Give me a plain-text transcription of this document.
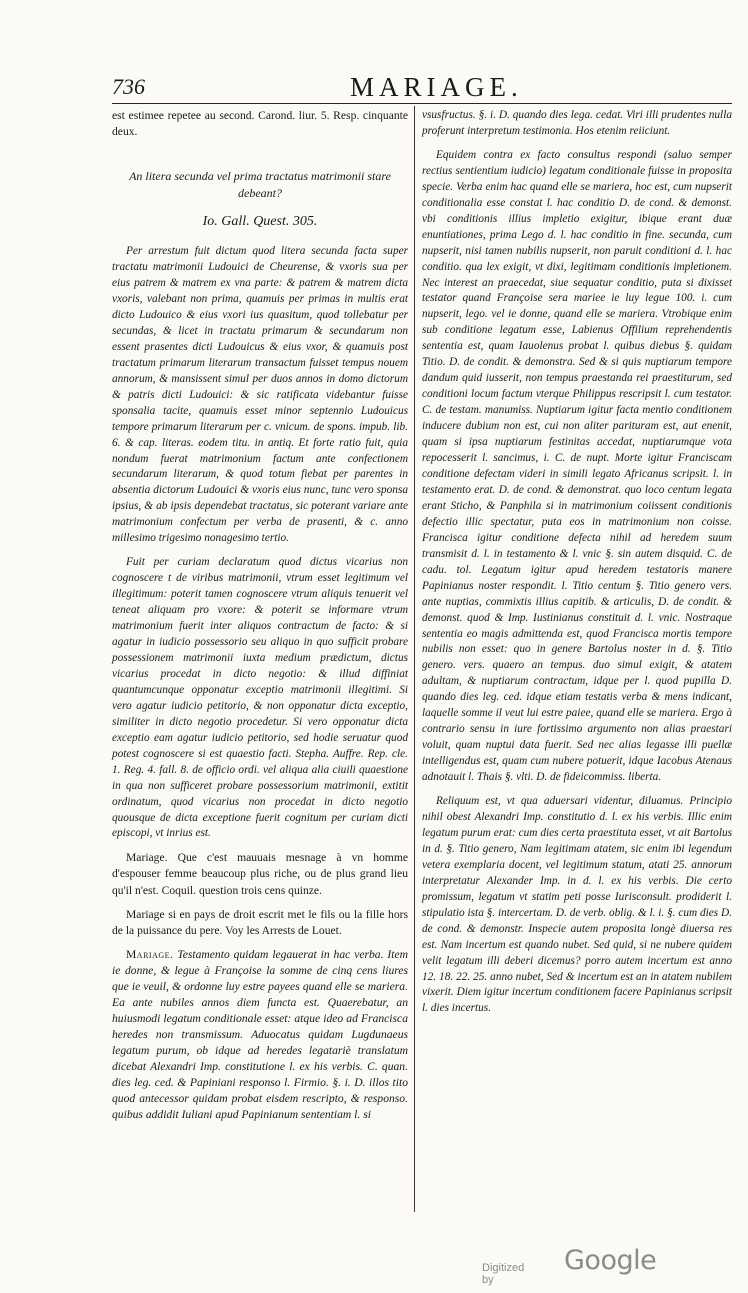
736	MARIAGE.

est estimee repetee au second. Carond. liur. 5. Resp. cinquante deux.

An litera secunda vel prima tractatus matrimonii stare debeant?

Io. Gall. Quest. 305.

Per arrestum fuit dictum quod litera secunda facta super tractatu matrimonii Ludouici de Cheurense, & vxoris sua per eius patrem & matrem ex vna parte: & patrem & matrem dicta vxoris, valebant non prima, quamuis per primas in multis erat dicto Ludouico & eius vxori ius quasitum, quod tollebatur per secundas, & licet in tractatu primarum & secundarum non essent prasentes dicti Ludouicus & eius vxor, & quamuis post tractatum primarum literarum transactum fuisset tempus nouem annorum, & mansissent simul per duos annos in domo dictorum & patris dicti Ludouici: & sic ratificata videbantur fuisse sponsalia tacite, quamuis esset minor septennio Ludouicus tempore primarum literarum per c. vnicum. de spons. impub. lib. 6. & cap. literas. eodem titu. in antiq. Et forte ratio fuit, quia nondum fuerat matrimonium factum ante confectionem secundarum literarum, & quod totum fiebat per parentes in absentia dictorum Ludouici & vxoris eius nunc, tunc vero sponsa ipsius, & ab ipsis dependebat tractatus, sic poterant variare ante matrimonium confectum per verba de prasenti, & c. anno millesimo trigesimo nonagesimo tertio.

Fuit per curiam declaratum quod dictus vicarius non cognoscere t de viribus matrimonii, vtrum esset legitimum vel illegitimum: poterit tamen cognoscere vtrum aliquis tenuerit vel teneat aliquam pro vxore: & poterit se informare vtrum matrimonium fuerit inter aliquos contractum de facto: & si agatur in iudicio possessorio seu aliquo in quo sufficit probare possessionem matrimonii iuxta medium prædictum, dictus vicarius procedat in dicto negotio: & illud diffiniat quantumcunque opponatur exceptio matrimonii illegitimi. Si vero agatur iudicio petitorio, & non opponatur dicta exceptio, similiter in dicto negotio procedetur. Si vero opponatur dicta exceptio eam agatur iudicio petitorio, sed hodie seruatur quod potest cognoscere si est quaestio facti. Stepha. Auffre. Rep. cle. 1. Reg. 4. fall. 8. de officio ordi. vel aliqua alia ciuili quaestione in qua non sufficeret probare possessorium matrimonii, extitit ordinatum, quod vicarius non procedat in dicto negotio quousque de dicta exceptione fuerit cognitum per curiam dicti episcopi, vt inrius est.

Mariage. Que c'est mauuais mesnage à vn homme d'espouser femme beaucoup plus riche, ou de plus grand lieu qu'il n'est. Coquil. question trois cens quinze.

Mariage si en pays de droit escrit met le fils ou la fille hors de la puissance du pere. Voy les Arrests de Louet.

Mariage. Testamento quidam legauerat in hac verba. Item ie donne, & legue à Françoise la somme de cinq cens liures que ie veuil, & ordonne luy estre payees quand elle se mariera. Ea ante nubiles annos diem functa est. Quaerebatur, an huiusmodi legatum conditionale esset: atque ideo ad Francisca heredes non transmissum. Aduocatus quidam Lugdunaeus legatum purum, ob idque ad heredes legatariè translatum dicebat Alexandri Imp. constitutione l. ex his verbis. C. quan. dies leg. ced. & Papiniani responso l. Firmio. §. i. D. illos tito quod antecessor quidam probat eisdem rescripto, & responso. quibus addidit Iuliani apud Papinianum sententiam l. si

vsusfructus. §. i. D. quando dies lega. cedat. Viri illi prudentes nulla proferunt interpretum testimonia. Hos etenim reiiciunt.

Equidem contra ex facto consultus respondi (saluo semper rectius sentientium iudicio) legatum conditionale fuisse in proposita specie. Verba enim hac quand elle se mariera, hoc est, cum nupserit conditionalia esse constat l. hac conditio D. de cond. & demonst. vbi conditionis illius impletio exigitur, ibique erant duæ enuntiationes, prima Lego d. l. hac conditio in fine. secunda, cum nupserit, nisi tamen nubilis nupserit, non paruit conditioni d. l. hac conditio. qua lex exigit, vt dixi, legitimam conditionis impletionem. Nec interest an praecedat, siue sequatur conditio, puta si dixisset testator quand Françoise sera mariee ie luy legue 100. i. cum nupserit, lego. vel ie donne, quand elle se mariera. Vtrobique enim sub conditione legatum esse, Labienus Offilium reprehendentis sententia est, quam Iauolenus probat l. quibus diebus §. quidam Titio. D. de condit. & demonstra. Sed & si quis nuptiarum tempore dandum quid iusserit, non tempus praestanda rei praestiturum, sed conditioni locum factum vterque Philippus rescripsit l. cum testator. C. de testam. manumiss. Nuptiarum igitur facta mentio conditionem inducere dubium non est, cui non aliter parituram est, aut enenit, quam si ipsa nuptiarum festinitas accedat, nuptiarumque vota repocesserit l. sancimus, i. C. de nupt. Morte igitur Franciscam conditione defectam videri in simili legato Africanus scripsit. l. in testamento erat. D. de cond. & demonstrat. quo loco centum legata erant Sticho, & Panphila si in matrimonium coiissent conditionis defectio illic spectatur, puta eos in matrimonium non coisse. Francisca igitur conditione defecta nihil ad heredem suum transmisit d. l. in testamento & l. vnic §. sin autem disquid. C. de cadu. tol. Legatum igitur apud heredem testatoris manere Papinianus noster respondit. l. Titio centum §. Titio genero vers. ante nuptias, commixtis illius capitib. & articulis, D. de condit. & demonst. quod & Imp. Iustinianus constituit d. l. vnic. Nostraque sententia eo magis admittenda est, quod Francisca mortis tempore nubilis non esset: quo in genere Bartolus noster in d. §. Titio genero. vers. quaero an tempus. duo simul exigit, & atatem adultam, & nuptiarum contractum, idque per l. quod pupilla D. quando dies leg. ced. idque etiam testatis verba & mens indicant, laquelle somme il veut lui estre paiee, quand elle se mariera. Ergo à contrario sensu in iure fortissimo argumento non alias praestari voluit, quam nuptui data fuerit. Sed nec alias legasse illi puellæ intelligendus est, quam cum nubere potuerit, idque Iacobus Atenaus adnotauit l. Thais §. vlti. D. de fideicommiss. liberta.

Reliquum est, vt qua aduersari videntur, diluamus. Principio nihil obest Alexandri Imp. constitutio d. l. ex his verbis. Illic enim legatum purum erat: cum dies certa praestituta esset, vt ait Bartolus in d. §. Titio genero, Nam legitimam atatem, sic enim ibi legendum vetera exemplaria docent, vel legitimum statum, atati 25. annorum interpretatur Alexander Imp. in d. l. ex his verbis. Die certo promissum, legatum vt statim peti posse Iurisconsult. prodiderit l. stipulatio ista §. intercertam. D. de verb. oblig. & l. i. §. cum dies D. de cond. & demonstr. Inspecie autem proposita longè diuersa res est. Nam incertum est quando nubet. Sed quid, si ne nubere quidem velit legatum illi deberi dicemus? porro autem incertum est anno 12. 18. 22. 25. anno nubet, Sed & incertum est an in atatem nubilem vixerit. Diem igitur incertum conditionem facere Papinianus scripsit l. dies incertus.

Digitized by
Google
